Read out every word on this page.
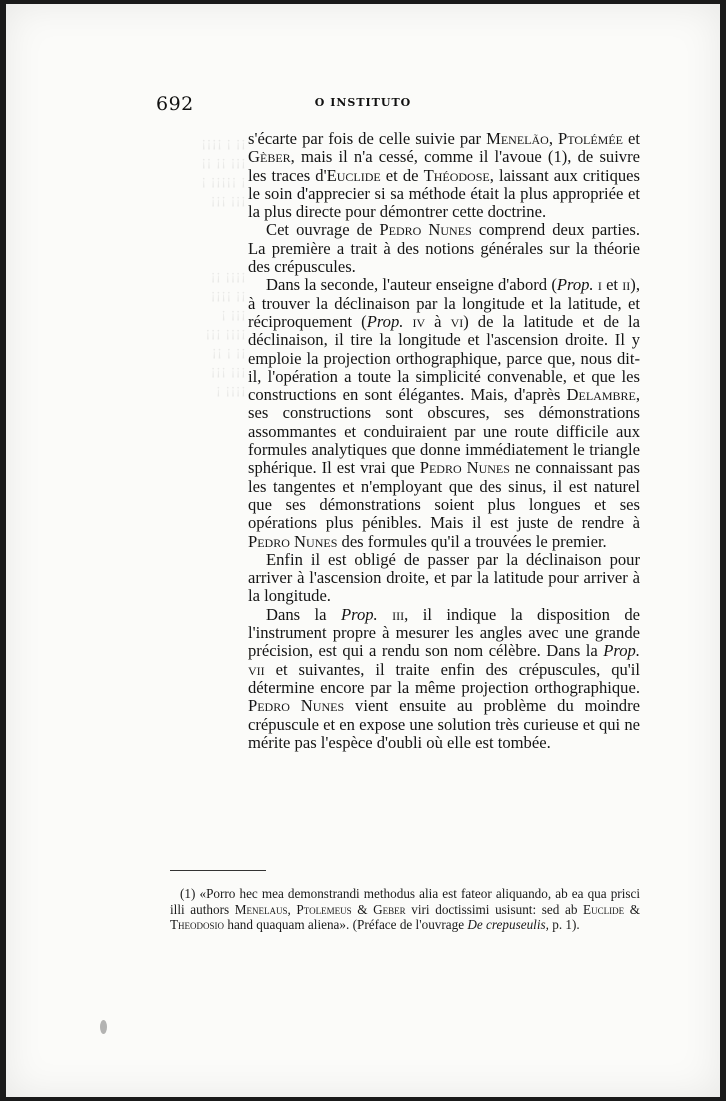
¡¡¡¡ ¡ ¡¡
¡¡ ¡¡ ¡¡¡
¡ ¡¡¡¡¡ ¡
¡¡¡ ¡¡¡

¡¡ ¡¡¡¡
¡¡¡¡ ¡¡
¡ ¡¡¡
¡¡¡ ¡¡¡¡
¡¡ ¡ ¡¡
¡¡¡ ¡¡¡
¡ ¡¡¡¡
692	O INSTITUTO

s'écarte par fois de celle suivie par Menelão, Ptolémée et Gèber, mais il n'a cessé, comme il l'avoue (1), de suivre les traces d'Euclide et de Théodose, laissant aux critiques le soin d'apprecier si sa méthode était la plus appropriée et la plus directe pour démontrer cette doctrine.

Cet ouvrage de Pedro Nunes comprend deux parties. La première a trait à des notions générales sur la théorie des crépuscules.

Dans la seconde, l'auteur enseigne d'abord (Prop. i et ii), à trouver la déclinaison par la longitude et la latitude, et réciproquement (Prop. iv à vi) de la latitude et de la déclinaison, il tire la longitude et l'ascension droite. Il y emploie la projection orthographique, parce que, nous dit-il, l'opération a toute la simplicité convenable, et que les constructions en sont élégantes. Mais, d'après Delambre, ses constructions sont obscures, ses démonstrations assommantes et conduiraient par une route difficile aux formules analytiques que donne immédiatement le triangle sphérique. Il est vrai que Pedro Nunes ne connaissant pas les tangentes et n'employant que des sinus, il est naturel que ses démonstrations soient plus longues et ses opérations plus pénibles. Mais il est juste de rendre à Pedro Nunes des formules qu'il a trouvées le premier.

Enfin il est obligé de passer par la déclinaison pour arriver à l'ascension droite, et par la latitude pour arriver à la longitude.

Dans la Prop. iii, il indique la disposition de l'instrument propre à mesurer les angles avec une grande précision, est qui a rendu son nom célèbre. Dans la Prop. vii et suivantes, il traite enfin des crépuscules, qu'il détermine encore par la même projection orthographique. Pedro Nunes vient ensuite au problème du moindre crépuscule et en expose une solution très curieuse et qui ne mérite pas l'espèce d'oubli où elle est tombée.

(1) «Porro hec mea demonstrandi methodus alia est fateor aliquando, ab ea qua prisci illi authors Menelaus, Ptolemeus & Geber viri doctissimi usisunt: sed ab Euclide & Theodosio hand quaquam aliena». (Préface de l'ouvrage De crepuseulis, p. 1).
